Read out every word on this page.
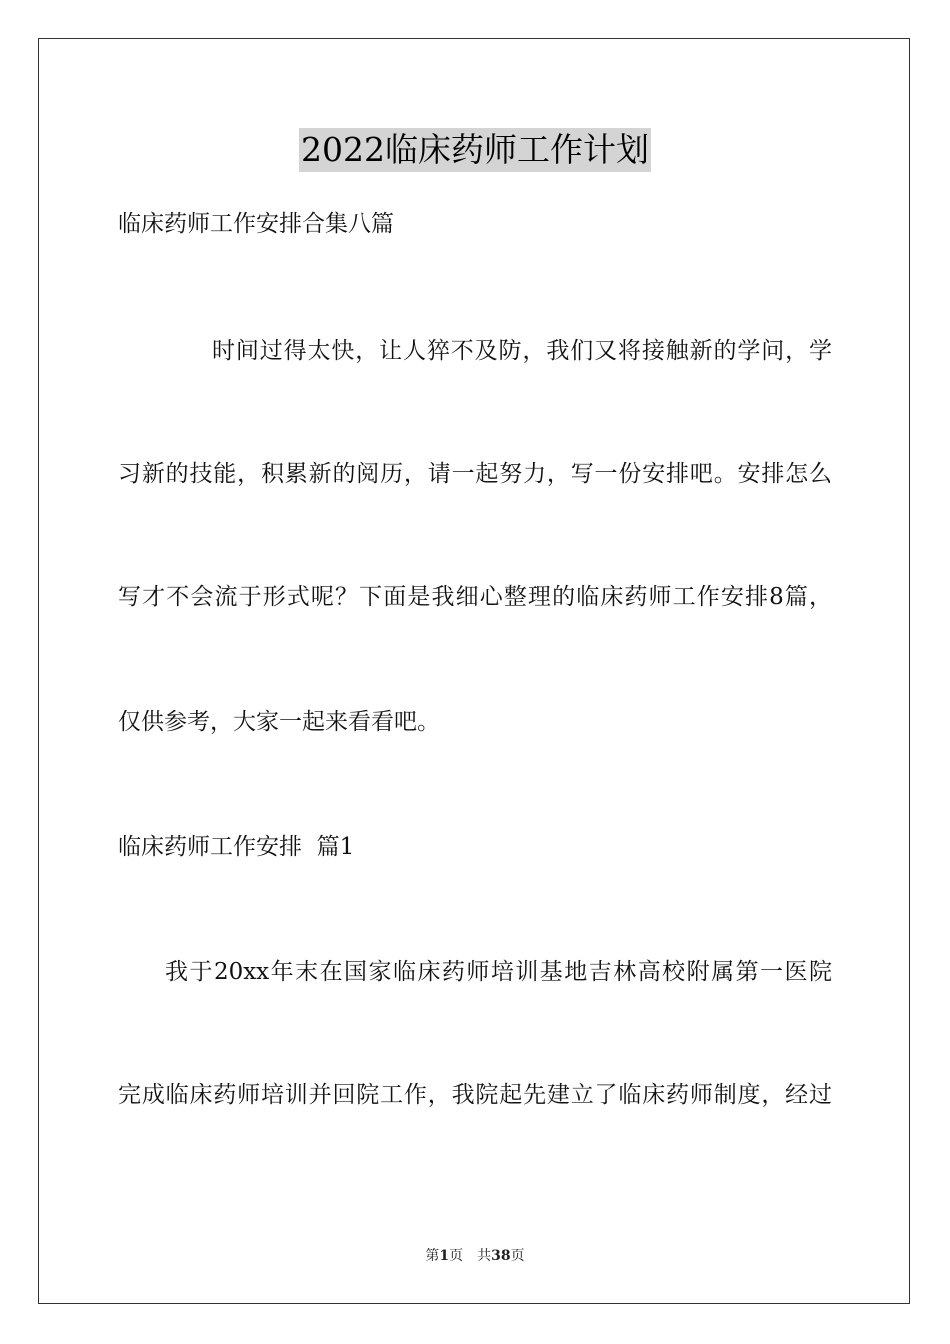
2022临床药师工作计划
临床药师工作安排合集八篇
时间过得太快，让人猝不及防，我们又将接触新的学问，学
习新的技能，积累新的阅历，请一起努力，写一份安排吧。安排怎么
写才不会流于形式呢？下面是我细心整理的临床药师工作安排8篇，
仅供参考，大家一起来看看吧。
临床药师工作安排  篇1
我于20xx年末在国家临床药师培训基地吉林高校附属第一医院
完成临床药师培训并回院工作，我院起先建立了临床药师制度，经过
第1页　共38页
